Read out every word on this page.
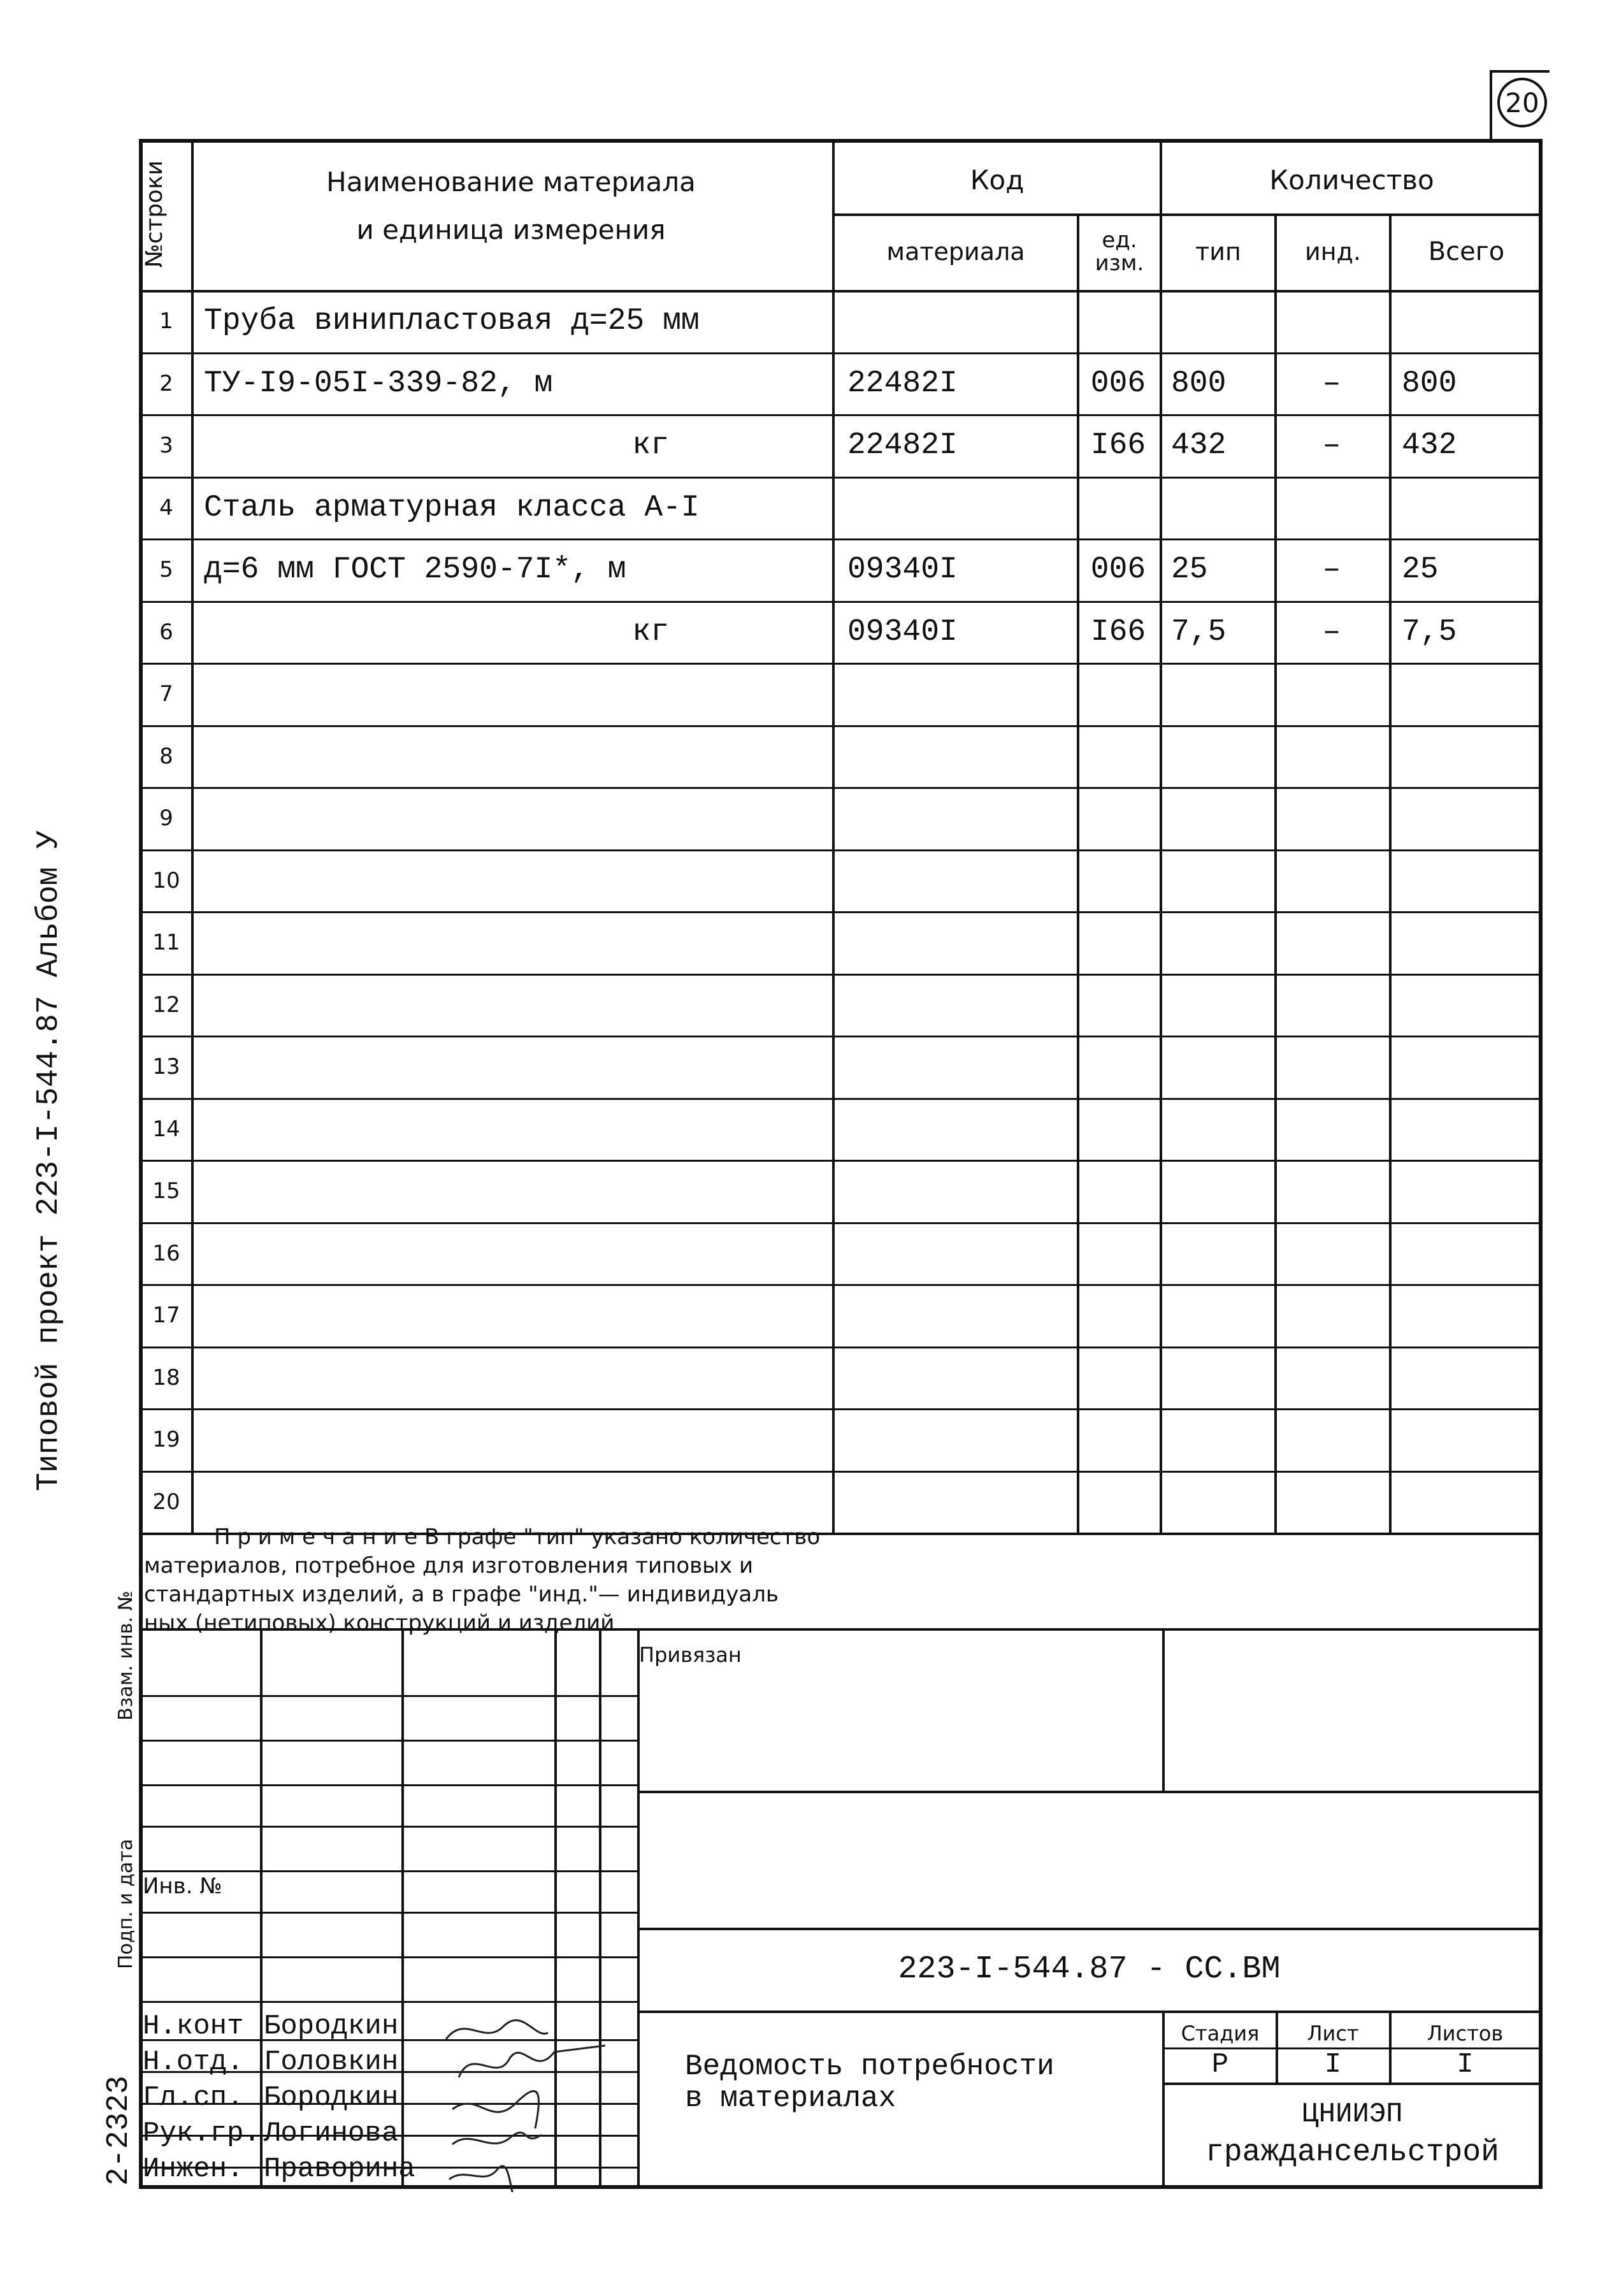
20
Типовой проект 223-I-544.87 Альбом У
№строки	Наименование материала
и единица измерения
Код
материала	ед. изм.
Количество
тип	инд.	Всего
1	Труба винипластовая д=25 мм
2	ТУ-I9-05I-339-82, м	22482I	006 800	–	800
3	кг	22482I	I66 432	–	432
4	Сталь арматурная класса А-I
5	д=6 мм ГОСТ 2590-7I*, м	09340I	006 25	–	25
6	кг	09340I	I66 7,5	–	7,5
7
8
9
10
11
12
13
14
15
16
17
18
19
20
П р и м е ч а н и е В графе "тип" указано количество
материалов, потребное для изготовления типовых и
стандартных изделий, а в графе "инд."— индивидуаль
ных (нетиповых) конструкций и изделий
Привязан
Инв. №
223-I-544.87 - СС.ВМ
Ведомость потребности
в материалах
Стадия	Лист	Листов
Р	I	I
ЦНИИЭП
граждансельстрой
Н.конт Бородкин
Н.отд. Головкин
Гл.сп. Бородкин
Рук.гр. Логинова
Инжен. Праворина
Взам. инв. №
Подп. и дата
2-2323
